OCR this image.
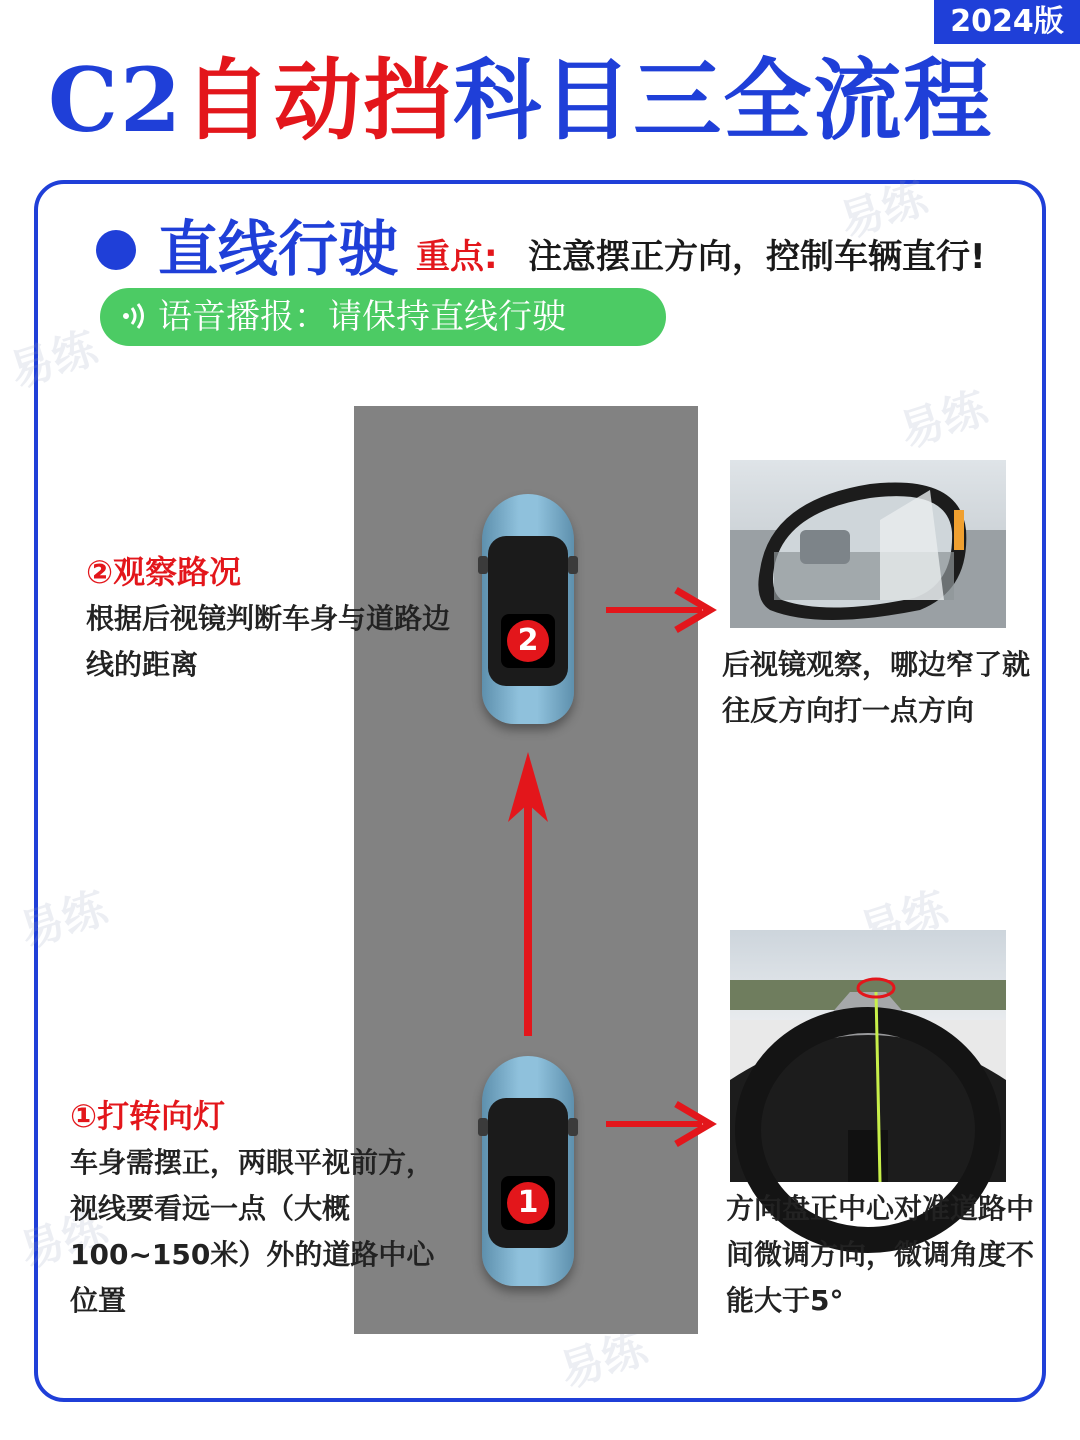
2024版
C2自动挡科目三全流程
易练
易练
易练
易练	易练
易练
易练
直线行驶 重点: 注意摆正方向，控制车辆直行!
语音播报：请保持直线行驶
2
1
②观察路况
根据后视镜判断车身与道路边线的距离
①打转向灯
车身需摆正，两眼平视前方，视线要看远一点（大概100~150米）外的道路中心位置
后视镜观察，哪边窄了就往反方向打一点方向
方向盘正中心对准道路中间微调方向，微调角度不能大于5°
